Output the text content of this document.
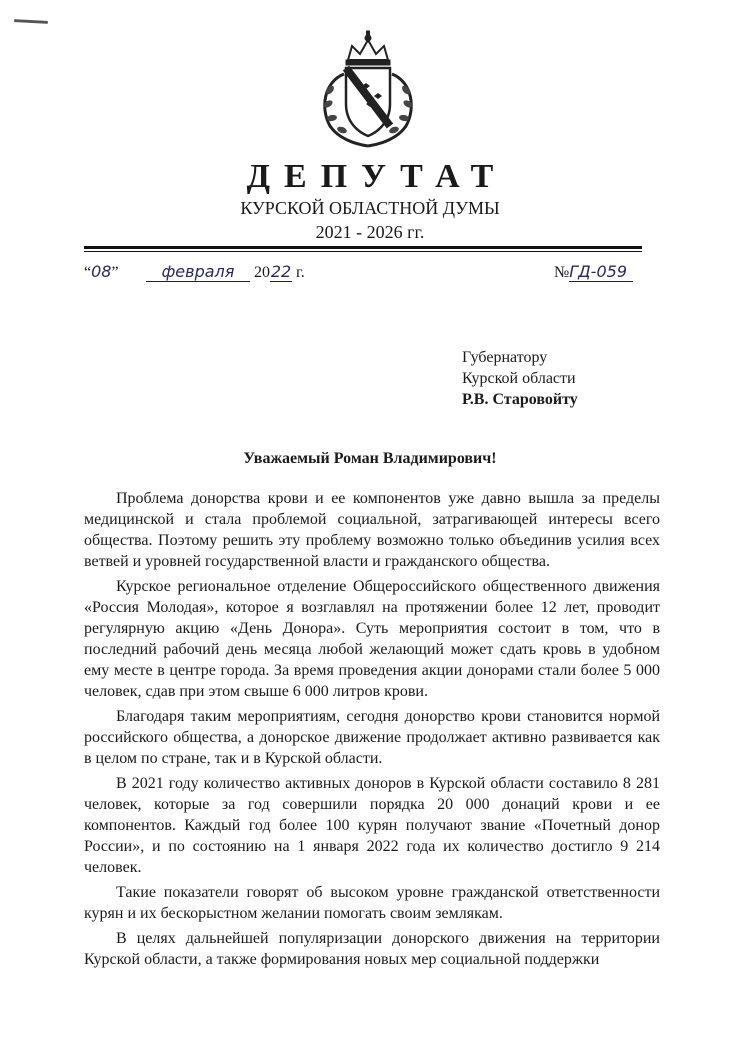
ДЕПУТАТ
КУРСКОЙ ОБЛАСТНОЙ ДУМЫ
2021 - 2026 гг.
“08”	февраля	2022 г.	№ГД-059
Губернатору
Курской области
Р.В. Старовойту
Уважаемый Роман Владимирович!

Проблема донорства крови и ее компонентов уже давно вышла за пределы медицинской и стала проблемой социальной, затрагивающей интересы всего общества. Поэтому решить эту проблему возможно только объединив усилия всех ветвей и уровней государственной власти и гражданского общества.

Курское региональное отделение Общероссийского общественного движения «Россия Молодая», которое я возглавлял на протяжении более 12 лет, проводит регулярную акцию «День Донора». Суть мероприятия состоит в том, что в последний рабочий день месяца любой желающий может сдать кровь в удобном ему месте в центре города. За время проведения акции донорами стали более 5 000 человек, сдав при этом свыше 6 000 литров крови.

Благодаря таким мероприятиям, сегодня донорство крови становится нормой российского общества, а донорское движение продолжает активно развивается как в целом по стране, так и в Курской области.

В 2021 году количество активных доноров в Курской области составило 8 281 человек, которые за год совершили порядка 20 000 донаций крови и ее компонентов. Каждый год более 100 курян получают звание «Почетный донор России», и по состоянию на 1 января 2022 года их количество достигло 9 214 человек.

Такие показатели говорят об высоком уровне гражданской ответственности курян и их бескорыстном желании помогать своим землякам.

В целях дальнейшей популяризации донорского движения на территории Курской области, а также формирования новых мер социальной поддержки
